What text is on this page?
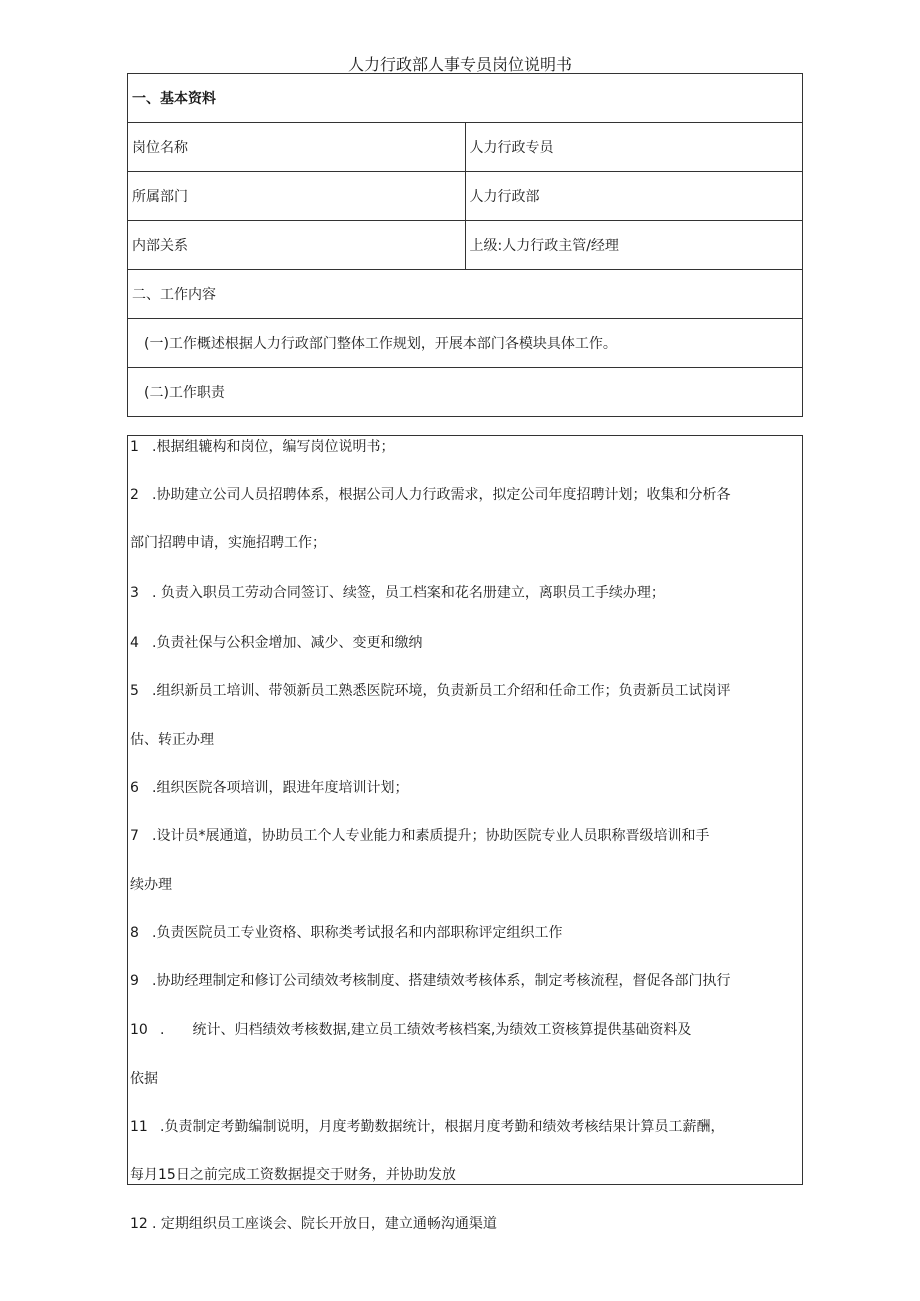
人力行政部人事专员岗位说明书
一、基本资料	
岗位名称	人力行政专员
所属部门	人力行政部
内部关系	上级:人力行政主管/经理
二、工作内容	
(一)工作概述根据人力行政部门整体工作规划，开展本部门各模块具体工作。	
(二)工作职责	
1 .根据组辘构和岗位，编写岗位说明书；
2 .协助建立公司人员招聘体系，根据公司人力行政需求，拟定公司年度招聘计划；收集和分析各
部门招聘申请，实施招聘工作；
3 . 负责入职员工劳动合同签订、续签，员工档案和花名册建立，离职员工手续办理；
4 .负责社保与公积金增加、减少、变更和缴纳
5 .组织新员工培训、带领新员工熟悉医院环境，负责新员工介绍和任命工作；负责新员工试岗评
估、转正办理
6 .组织医院各项培训，跟进年度培训计划；
7 .设计员*展通道，协助员工个人专业能力和素质提升；协助医院专业人员职称晋级培训和手
续办理
8 .负责医院员工专业资格、职称类考试报名和内部职称评定组织工作
9 .协助经理制定和修订公司绩效考核制度、搭建绩效考核体系，制定考核流程，督促各部门执行
10 .　　统计、归档绩效考核数据,建立员工绩效考核档案,为绩效工资核算提供基础资料及
依据
11 .负责制定考勤编制说明，月度考勤数据统计，根据月度考勤和绩效考核结果计算员工薪酬，
每月15日之前完成工资数据提交于财务，并协助发放
12 . 定期组织员工座谈会、院长开放日，建立通畅沟通渠道
